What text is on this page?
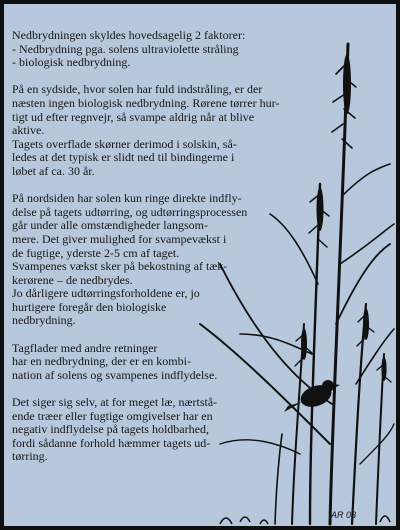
Nedbrydningen skyldes hovedsagelig 2 faktorer:
- Nedbrydning pga. solens ultraviolette stråling
- biologisk nedbrydning.

På en sydside, hvor solen har fuld indstråling, er der
næsten ingen biologisk nedbrydning. Rørene tørrer hur-
tigt ud efter regnvejr, så svampe aldrig når at blive
aktive.
Tagets overflade skørner derimod i solskin, så-
ledes at det typisk er slidt ned til bindingerne i
løbet af ca. 30 år.

På nordsiden har solen kun ringe direkte indfly-
delse på tagets udtørring, og udtørringsprocessen
går under alle omstændigheder langsom-
mere. Det giver mulighed for svampevækst i
de fugtige, yderste 2-5 cm af taget.
Svampenes vækst sker på bekostning af tæk-
kerørene – de nedbrydes.
Jo dårligere udtørringsforholdene er, jo
hurtigere foregår den biologiske
nedbrydning.

Tagflader med andre retninger
har en nedbrydning, der er en kombi-
nation af solens og svampenes indflydelse.

Det siger sig selv, at for meget læ, nærtstå-
ende træer eller fugtige omgivelser har en
negativ indflydelse på tagets holdbarhed,
fordi sådanne forhold hæmmer tagets ud-
tørring.

AR 03
